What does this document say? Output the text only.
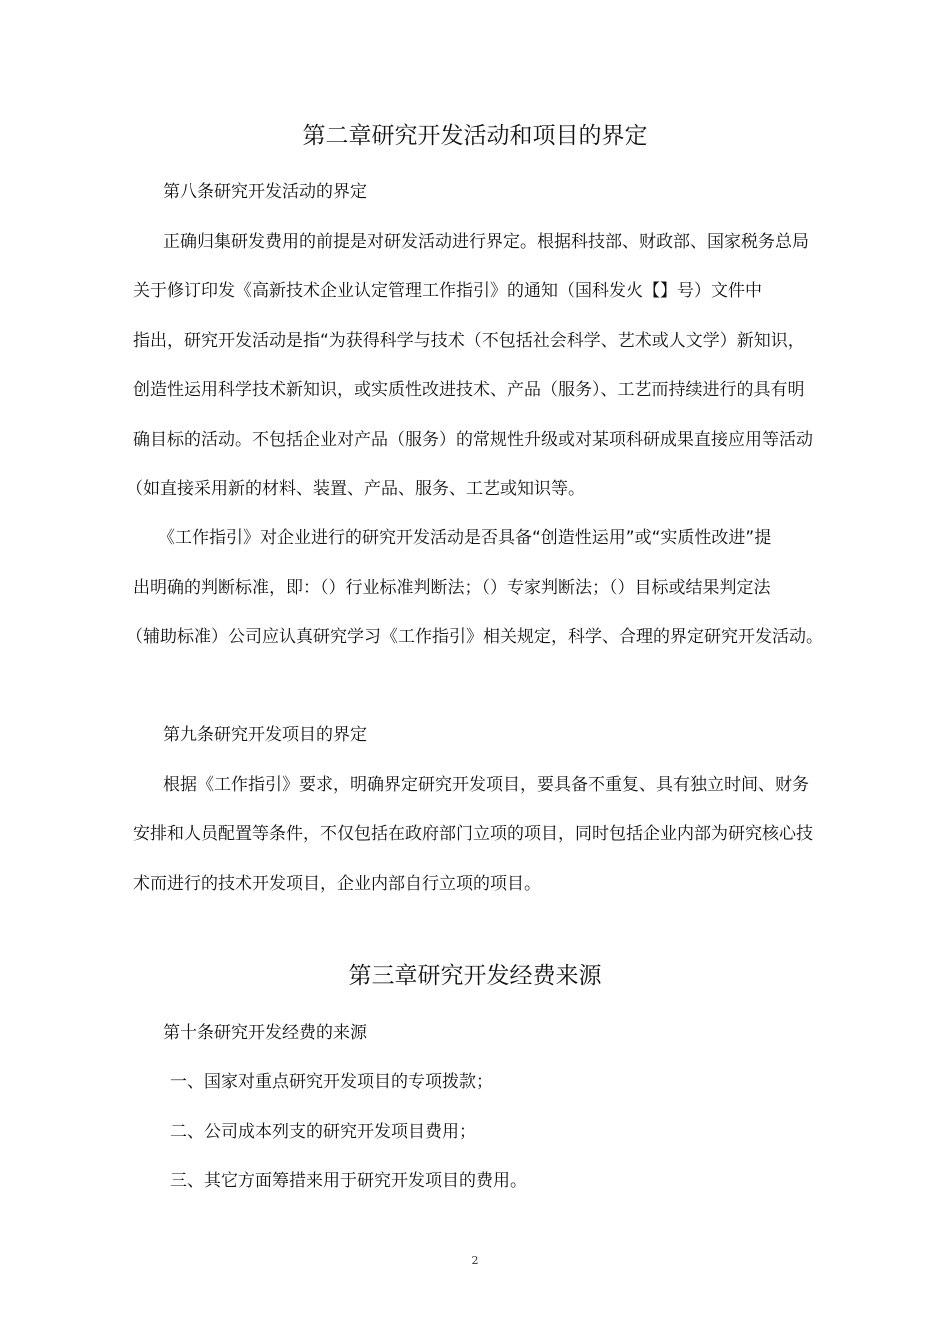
第二章研究开发活动和项目的界定
第八条研究开发活动的界定
正确归集研发费用的前提是对研发活动进行界定。根据科技部、财政部、国家税务总局
关于修订印发《高新技术企业认定管理工作指引》的通知（国科发火【】号）文件中
指出，研究开发活动是指“为获得科学与技术（不包括社会科学、艺术或人文学）新知识，
创造性运用科学技术新知识，或实质性改进技术、产品（服务）、工艺而持续进行的具有明
确目标的活动。不包括企业对产品（服务）的常规性升级或对某项科研成果直接应用等活动
（如直接采用新的材料、装置、产品、服务、工艺或知识等。
《工作指引》对企业进行的研究开发活动是否具备“创造性运用”或“实质性改进”提
出明确的判断标准，即：（）行业标准判断法；（）专家判断法；（）目标或结果判定法
（辅助标准）公司应认真研究学习《工作指引》相关规定，科学、合理的界定研究开发活动。
第九条研究开发项目的界定
根据《工作指引》要求，明确界定研究开发项目，要具备不重复、具有独立时间、财务
安排和人员配置等条件，不仅包括在政府部门立项的项目，同时包括企业内部为研究核心技
术而进行的技术开发项目，企业内部自行立项的项目。
第三章研究开发经费来源
第十条研究开发经费的来源
一、国家对重点研究开发项目的专项拨款；
二、公司成本列支的研究开发项目费用；
三、其它方面筹措来用于研究开发项目的费用。
2
